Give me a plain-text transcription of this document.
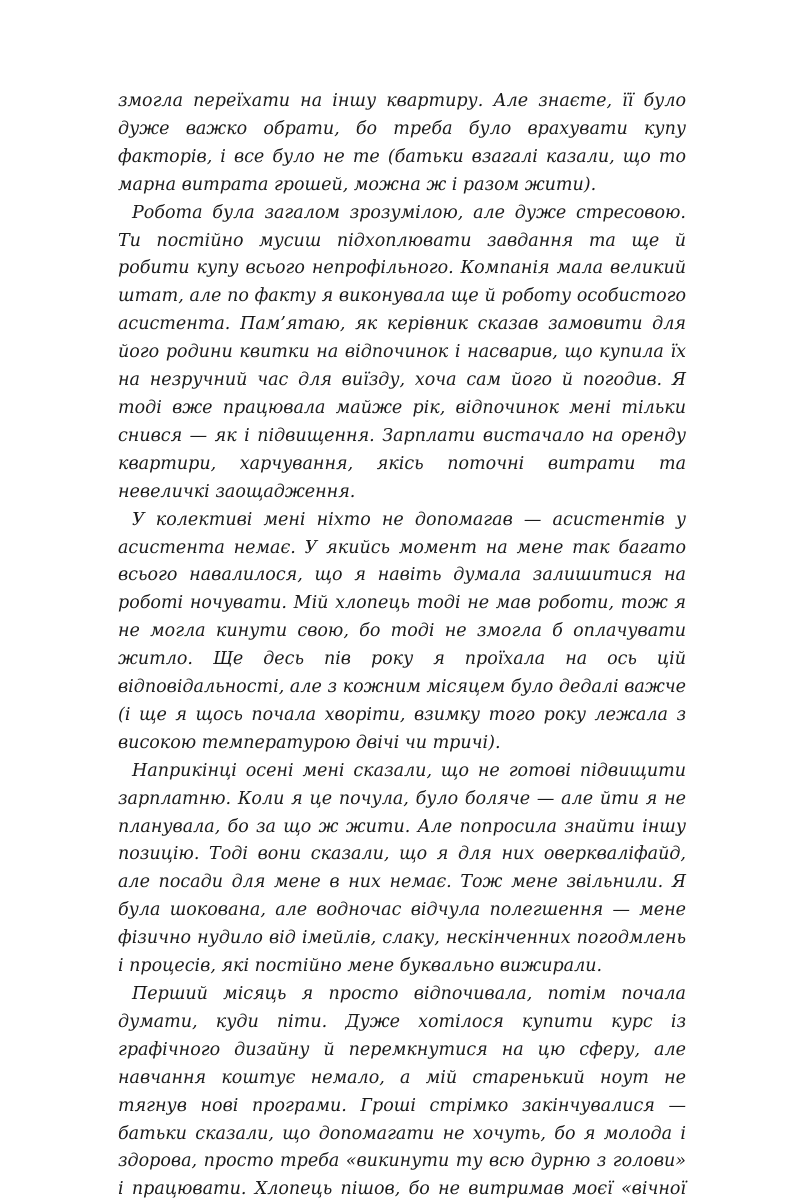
змогла переїхати на іншу квартиру. Але знаєте, її було дуже важко обрати, бо треба було врахувати купу факторів, і все було не те (батьки взагалі казали, що то марна витрата грошей, можна ж і разом жити).

Робота була загалом зрозумілою, але дуже стресовою. Ти постійно мусиш підхоплювати завдання та ще й робити купу всього непрофільного. Компанія мала великий штат, але по факту я виконувала ще й роботу особистого асистента. Пам’ятаю, як керівник сказав замовити для його родини квитки на відпочинок і насварив, що купила їх на незручний час для виїзду, хоча сам його й погодив. Я тоді вже працювала майже рік, відпочинок мені тільки снився — як і підвищення. Зарплати вистачало на оренду квартири, харчування, якісь поточні витрати та невеличкі заощадження.

У колективі мені ніхто не допомагав — асистентів у асистента немає. У якийсь момент на мене так багато всього навалилося, що я навіть думала залишитися на роботі ночувати. Мій хлопець тоді не мав роботи, тож я не могла кинути свою, бо тоді не змогла б оплачувати житло. Ще десь пів року я проїхала на ось цій відповідальності, але з кожним місяцем було дедалі важче (і ще я щось почала хворіти, взимку того року лежала з високою температурою двічі чи тричі).

Наприкінці осені мені сказали, що не готові підвищити зарплатню. Коли я це почула, було боляче — але йти я не планувала, бо за що ж жити. Але попросила знайти іншу позицію. Тоді вони сказали, що я для них оверкваліфайд, але посади для мене в них немає. Тож мене звільнили. Я була шокована, але водночас відчула полегшення — мене фізично нудило від імейлів, слаку, нескінченних погодмлень і процесів, які постійно мене буквально вижирали.

Перший місяць я просто відпочивала, потім почала думати, куди піти. Дуже хотілося купити курс із графічного дизайну й перемкнутися на цю сферу, але навчання коштує немало, а мій старенький ноут не тягнув нові програми. Гроші стрімко закінчувалися — батьки сказали, що допомагати не хочуть, бо я молода і здорова, просто треба «викинути ту всю дурню з голови» і працювати. Хлопець пішов, бо не витримав моєї «вічної
